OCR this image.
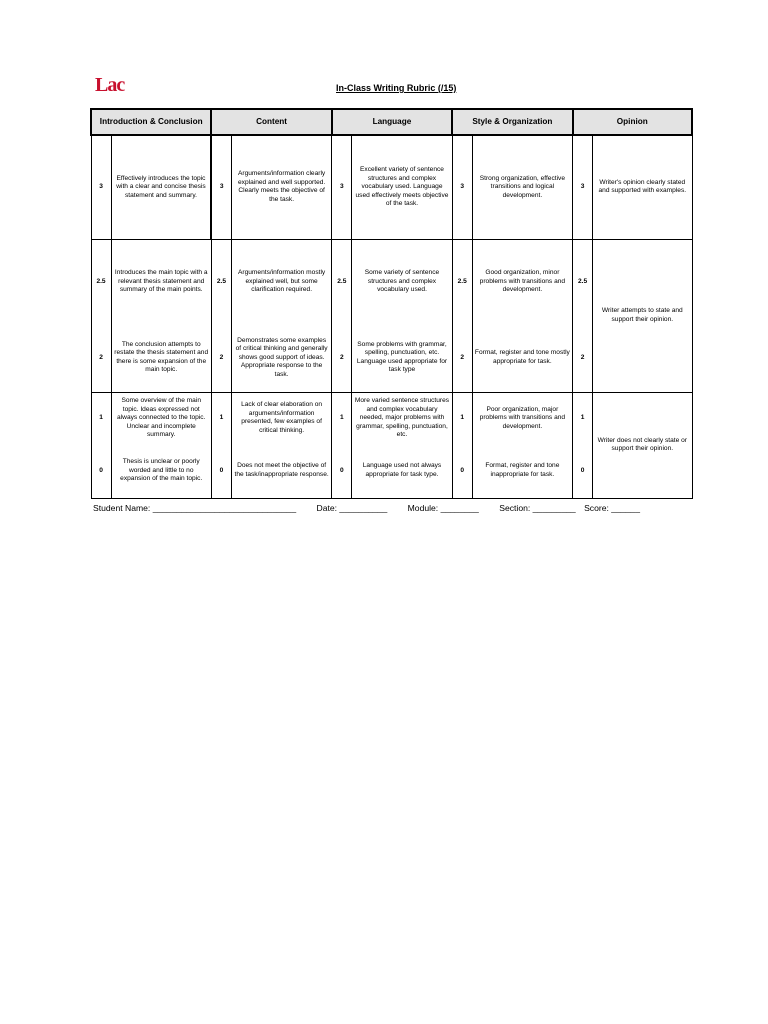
Lac	In-Class Writing Rubric (/15)
Introduction & Conclusion		Content		Language		Style & Organization		Opinion	
3	Effectively introduces the topic with a clear and concise thesis statement and summary.	3	Arguments/information clearly explained and well supported. Clearly meets the objective of the task.	3	Excellent variety of sentence structures and complex vocabulary used. Language used effectively meets objective of the task.	3	Strong organization, effective transitions and logical development.	3	Writer's opinion clearly stated and supported with examples.
2.5	Introduces the main topic with a relevant thesis statement and summary of the main points.	2.5	Arguments/information mostly explained well, but some clarification required.	2.5	Some variety of sentence structures and complex vocabulary used.	2.5	Good organization, minor problems with transitions and development.	2.5	Writer attempts to state and support their opinion.
2	The conclusion attempts to restate the thesis statement and there is some expansion of the main topic.	2	Demonstrates some examples of critical thinking and generally shows good support of ideas. Appropriate response to the task.	2	Some problems with grammar, spelling, punctuation, etc. Language used appropriate for task type	2	Format, register and tone mostly appropriate for task.	2	
1	Some overview of the main topic. Ideas expressed not always connected to the topic. Unclear and incomplete summary.	1	Lack of clear elaboration on arguments/information presented, few examples of critical thinking.	1	More varied sentence structures and complex vocabulary needed, major problems with grammar, spelling, punctuation, etc.	1	Poor organization, major problems with transitions and development.	1	Writer does not clearly state or support their opinion.
0	Thesis is unclear or poorly worded and little to no expansion of the main topic.	0	Does not meet the objective of the task/inappropriate response.	0	Language used not always appropriate for task type.	0	Format, register and tone inappropriate for task.	0	
Student Name: ______________________________ Date: __________ Module: ________ Section: _________ Score: ______
